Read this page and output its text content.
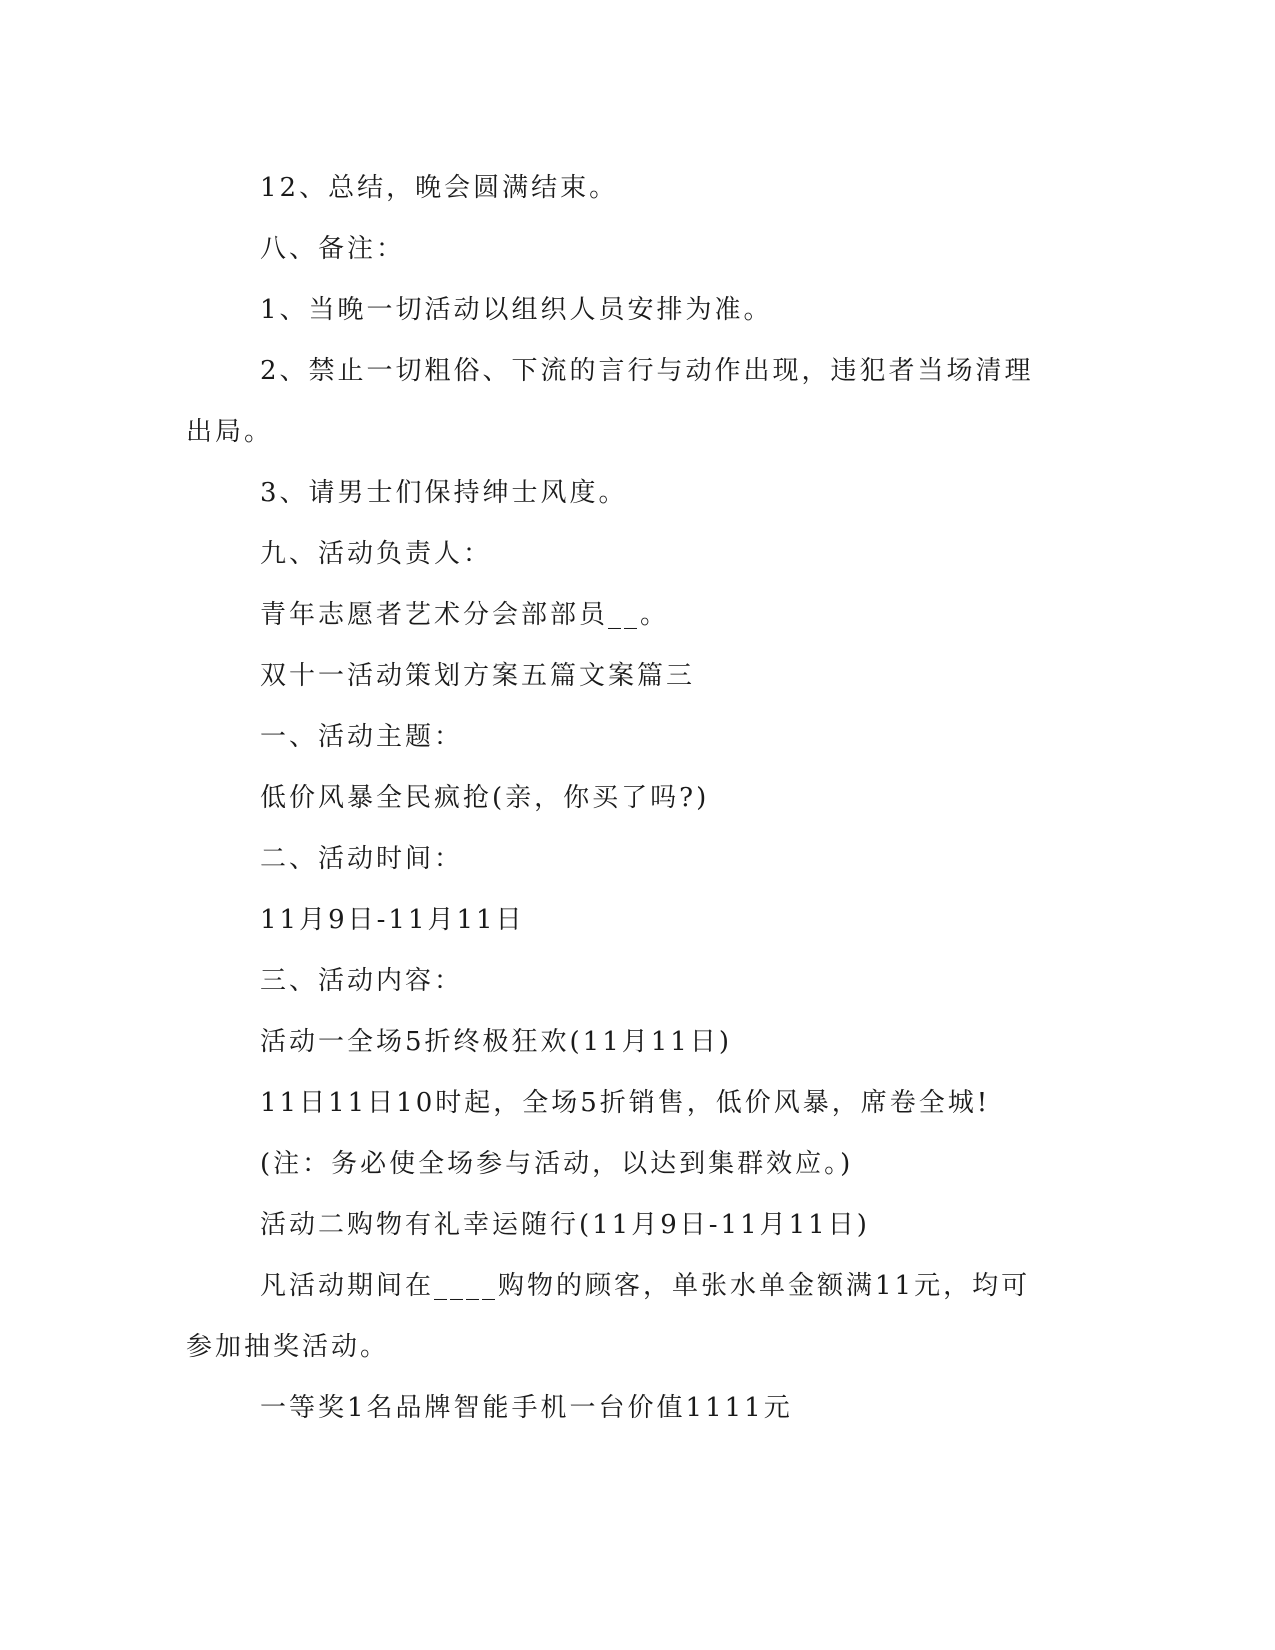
12、总结，晚会圆满结束。

八、备注：

1、当晚一切活动以组织人员安排为准。

2、禁止一切粗俗、下流的言行与动作出现，违犯者当场清理出局。

3、请男士们保持绅士风度。

九、活动负责人：

青年志愿者艺术分会部部员__。

双十一活动策划方案五篇文案篇三

一、活动主题：

低价风暴全民疯抢(亲，你买了吗?)

二、活动时间：

11月9日-11月11日

三、活动内容：

活动一全场5折终极狂欢(11月11日)

11日11日10时起，全场5折销售，低价风暴，席卷全城!

(注：务必使全场参与活动，以达到集群效应。)

活动二购物有礼幸运随行(11月9日-11月11日)

凡活动期间在____购物的顾客，单张水单金额满11元，均可参加抽奖活动。

一等奖1名品牌智能手机一台价值1111元
